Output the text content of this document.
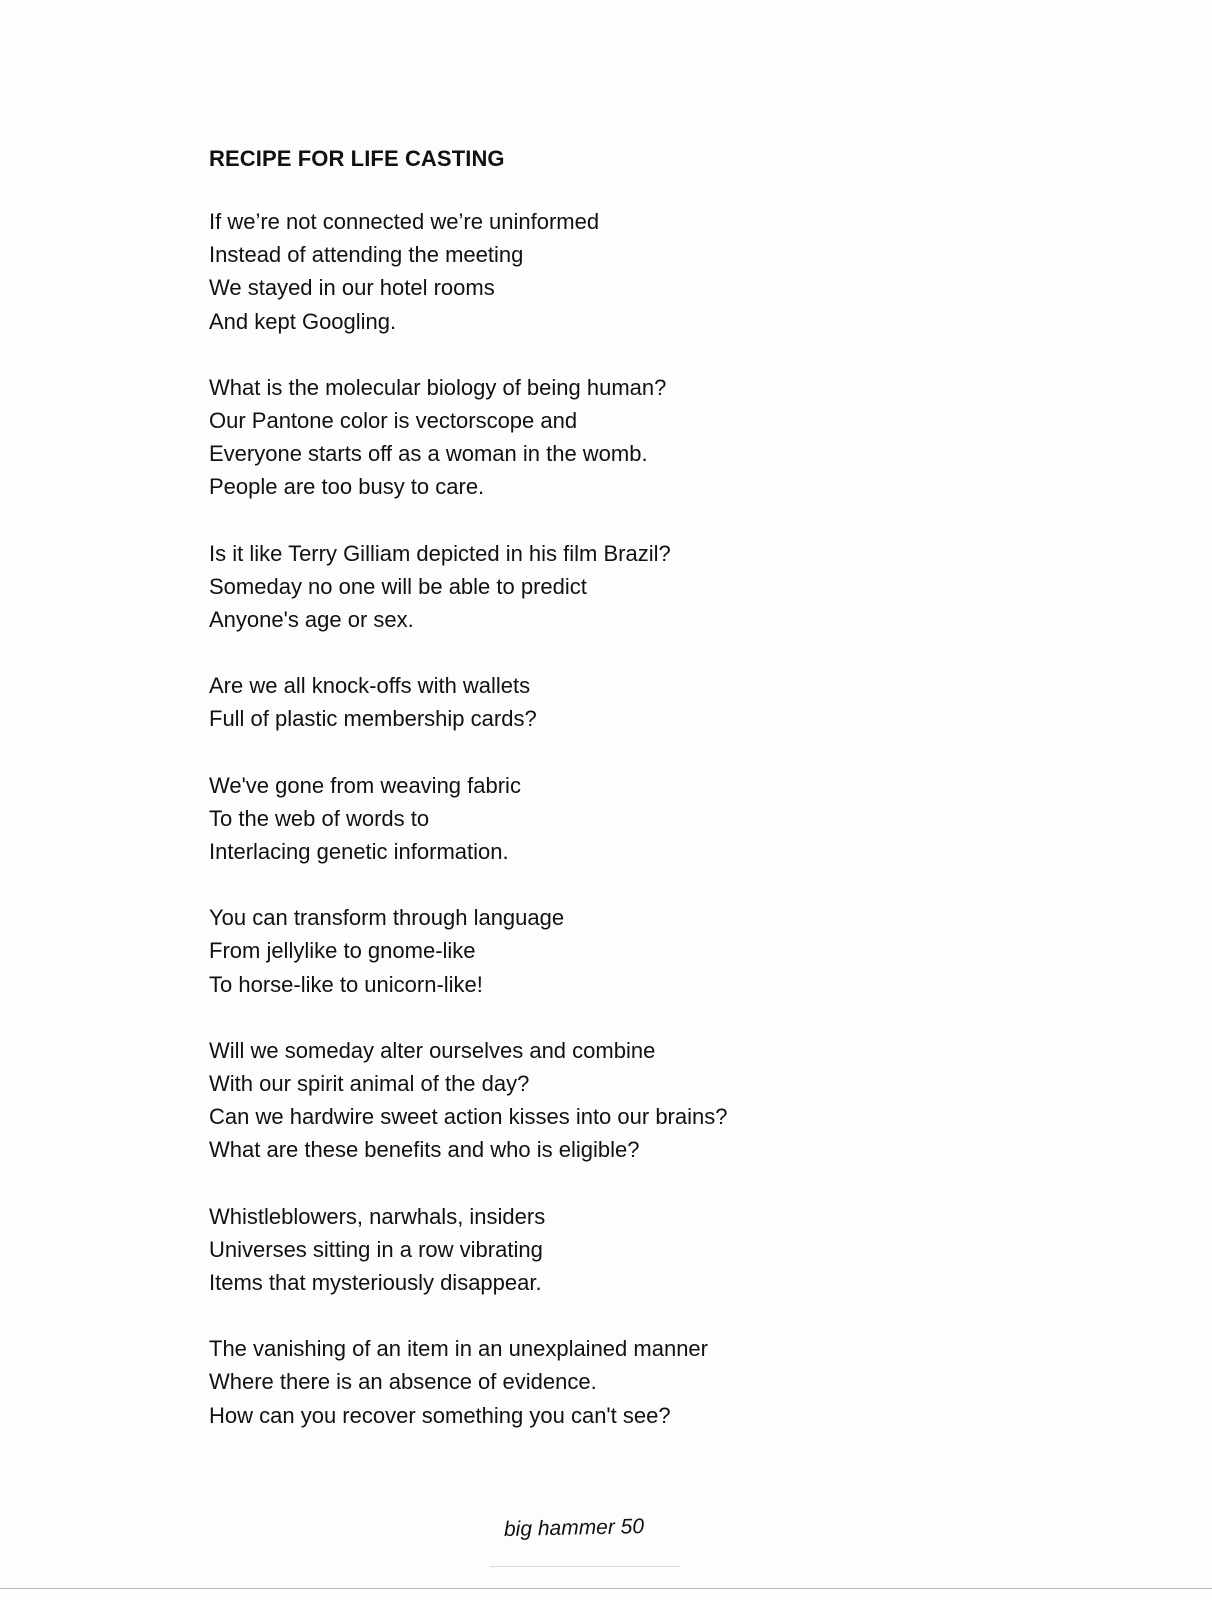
RECIPE FOR LIFE CASTING
If we’re not connected we’re uninformed
Instead of attending the meeting
We stayed in our hotel rooms
And kept Googling.
What is the molecular biology of being human?
Our Pantone color is vectorscope and
Everyone starts off as a woman in the womb.
People are too busy to care.
Is it like Terry Gilliam depicted in his film Brazil?
Someday no one will be able to predict
Anyone's age or sex.
Are we all knock-offs with wallets
Full of plastic membership cards?
We've gone from weaving fabric
To the web of words to
Interlacing genetic information.
You can transform through language
From jellylike to gnome-like
To horse-like to unicorn-like!
Will we someday alter ourselves and combine
With our spirit animal of the day?
Can we hardwire sweet action kisses into our brains?
What are these benefits and who is eligible?
Whistleblowers, narwhals, insiders
Universes sitting in a row vibrating
Items that mysteriously disappear.
The vanishing of an item in an unexplained manner
Where there is an absence of evidence.
How can you recover something you can't see?
big hammer 50
